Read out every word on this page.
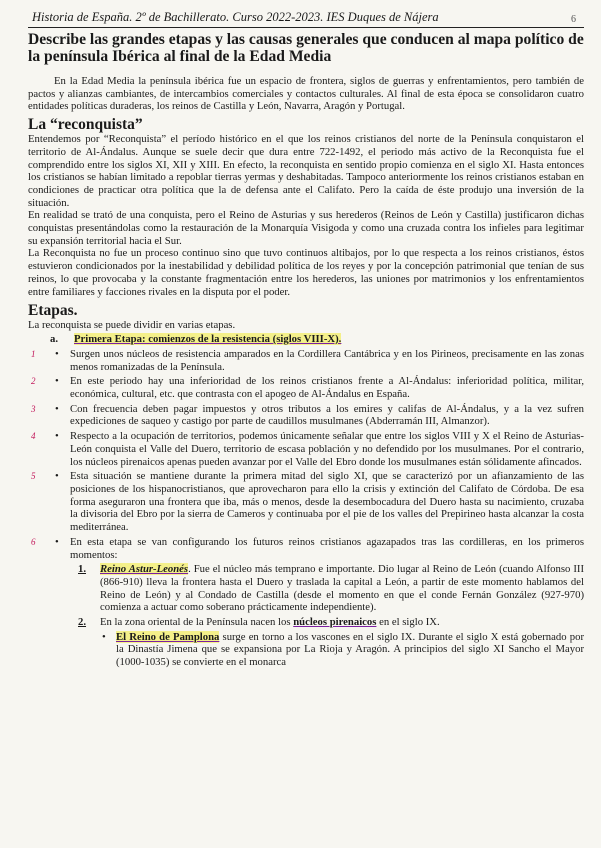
Historia de España. 2º de Bachillerato. Curso 2022-2023. IES Duques de Nájera	6
Describe las grandes etapas y las causas generales que conducen al mapa político de la península Ibérica al final de la Edad Media

En la Edad Media la península ibérica fue un espacio de frontera, siglos de guerras y enfrentamientos, pero también de pactos y alianzas cambiantes, de intercambios comerciales y contactos culturales. Al final de esta época se consolidaron cuatro entidades políticas duraderas, los reinos de Castilla y León, Navarra, Aragón y Portugal.

La “reconquista”

Entendemos por “Reconquista” el período histórico en el que los reinos cristianos del norte de la Península conquistaron el territorio de Al-Ándalus. Aunque se suele decir que dura entre 722-1492, el periodo más activo de la Reconquista fue el comprendido entre los siglos XI, XII y XIII. En efecto, la reconquista en sentido propio comienza en el siglo XI. Hasta entonces los cristianos se habían limitado a repoblar tierras yermas y deshabitadas. Tampoco anteriormente los reinos cristianos estaban en condiciones de practicar otra política que la de defensa ante el Califato. Pero la caída de éste produjo una inversión de la situación.

En realidad se trató de una conquista, pero el Reino de Asturias y sus herederos (Reinos de León y Castilla) justificaron dichas conquistas presentándolas como la restauración de la Monarquía Visigoda y como una cruzada contra los infieles para legitimar su expansión territorial hacia el Sur.

La Reconquista no fue un proceso continuo sino que tuvo continuos altibajos, por lo que respecta a los reinos cristianos, éstos estuvieron condicionados por la inestabilidad y debilidad política de los reyes y por la concepción patrimonial que tenían de sus reinos, lo que provocaba y la constante fragmentación entre los herederos, las uniones por matrimonios y los enfrentamientos entre familiares y facciones rivales en la disputa por el poder.

Etapas.

La reconquista se puede dividir en varias etapas.

a. Primera Etapa: comienzos de la resistencia (siglos VIII-X).
1 • Surgen unos núcleos de resistencia amparados en la Cordillera Cantábrica y en los Pirineos, precisamente en las zonas menos romanizadas de la Península.
2 • En este periodo hay una inferioridad de los reinos cristianos frente a Al-Ándalus: inferioridad política, militar, económica, cultural, etc. que contrasta con el apogeo de Al-Ándalus en España.
3 • Con frecuencia deben pagar impuestos y otros tributos a los emires y califas de Al-Ándalus, y a la vez sufren expediciones de saqueo y castigo por parte de caudillos musulmanes (Abderramán III, Almanzor).
4 • Respecto a la ocupación de territorios, podemos únicamente señalar que entre los siglos VIII y X el Reino de Asturias-León conquista el Valle del Duero, territorio de escasa población y no defendido por los musulmanes. Por el contrario, los núcleos pirenaicos apenas pueden avanzar por el Valle del Ebro donde los musulmanes están sólidamente afincados.
5 • Esta situación se mantiene durante la primera mitad del siglo XI, que se caracterizó por un afianzamiento de las posiciones de los hispanocristianos, que aprovecharon para ello la crisis y extinción del Califato de Córdoba. De esa forma aseguraron una frontera que iba, más o menos, desde la desembocadura del Duero hasta su nacimiento, cruzaba la divisoria del Ebro por la sierra de Cameros y continuaba por el pie de los valles del Prepirineo hasta alcanzar la costa mediterránea.
6 • En esta etapa se van configurando los futuros reinos cristianos agazapados tras las cordilleras, en los primeros momentos:
1. Reino Astur-Leonés. Fue el núcleo más temprano e importante. Dio lugar al Reino de León (cuando Alfonso III (866-910) lleva la frontera hasta el Duero y traslada la capital a León, a partir de este momento hablamos del Reino de León) y al Condado de Castilla (desde el momento en que el conde Fernán González (927-970) comienza a actuar como soberano prácticamente independiente).
2. En la zona oriental de la Península nacen los núcleos pirenaicos en el siglo IX.
• El Reino de Pamplona surge en torno a los vascones en el siglo IX. Durante el siglo X está gobernado por la Dinastía Jimena que se expansiona por La Rioja y Aragón. A principios del siglo XI Sancho el Mayor (1000-1035) se convierte en el monarca
